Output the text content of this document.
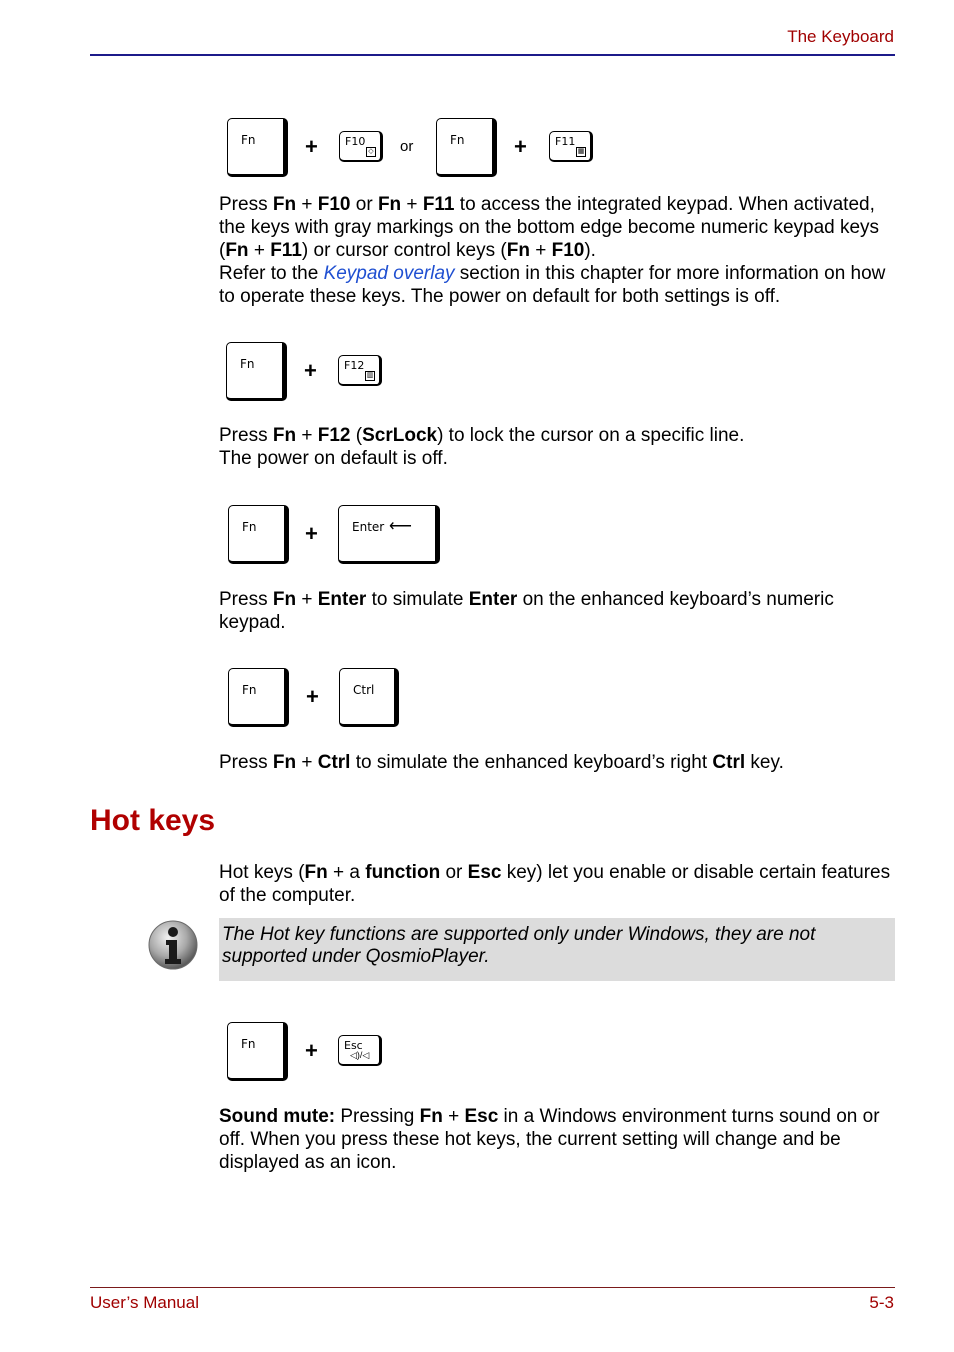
The Keyboard
Fn + F10
◇ or	Fn +	F11
▦
Press Fn + F10 or Fn + F11 to access the integrated keypad. When activated, the keys with gray markings on the bottom edge become numeric keypad keys (Fn + F11) or cursor control keys (Fn + F10).
Refer to the Keypad overlay section in this chapter for more information on how to operate these keys. The power on default for both settings is off.
Fn + F12
▥
Press Fn + F12 (ScrLock) to lock the cursor on a specific line.
The power on default is off.
Fn +	Enter ⟵
Press Fn + Enter to simulate Enter on the enhanced keyboard’s numeric keypad.
Fn +	Ctrl
Press Fn + Ctrl to simulate the enhanced keyboard’s right Ctrl key.
Hot keys
Hot keys (Fn + a function or Esc key) let you enable or disable certain features of the computer.
The Hot key functions are supported only under Windows, they are not supported under QosmioPlayer.
Fn + Esc
◁)/◁
Sound mute: Pressing Fn + Esc in a Windows environment turns sound on or off. When you press these hot keys, the current setting will change and be displayed as an icon.
User’s Manual	5-3
